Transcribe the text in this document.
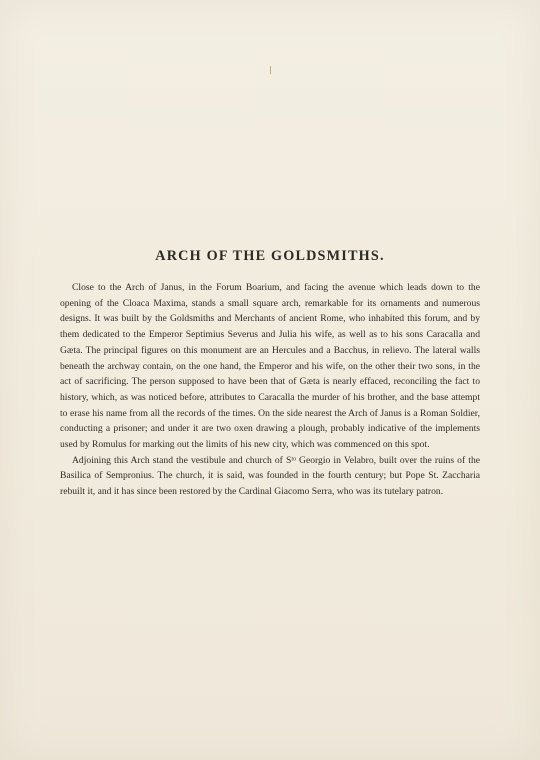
ARCH OF THE GOLDSMITHS.

Close to the Arch of Janus, in the Forum Boarium, and facing the avenue which leads down to the opening of the Cloaca Maxima, stands a small square arch, remarkable for its ornaments and numerous designs. It was built by the Goldsmiths and Merchants of ancient Rome, who inhabited this forum, and by them dedicated to the Emperor Septimius Severus and Julia his wife, as well as to his sons Caracalla and Gæta. The principal figures on this monument are an Hercules and a Bacchus, in relievo. The lateral walls beneath the archway contain, on the one hand, the Emperor and his wife, on the other their two sons, in the act of sacrificing. The person supposed to have been that of Gæta is nearly effaced, reconciling the fact to history, which, as was noticed before, attributes to Caracalla the murder of his brother, and the base attempt to erase his name from all the records of the times. On the side nearest the Arch of Janus is a Roman Soldier, conducting a prisoner; and under it are two oxen drawing a plough, probably indicative of the implements used by Romulus for marking out the limits of his new city, which was commenced on this spot.

Adjoining this Arch stand the vestibule and church of Sᵗᵒ Georgio in Velabro, built over the ruins of the Basilica of Sempronius. The church, it is said, was founded in the fourth century; but Pope St. Zaccharia rebuilt it, and it has since been restored by the Cardinal Giacomo Serra, who was its tutelary patron.
